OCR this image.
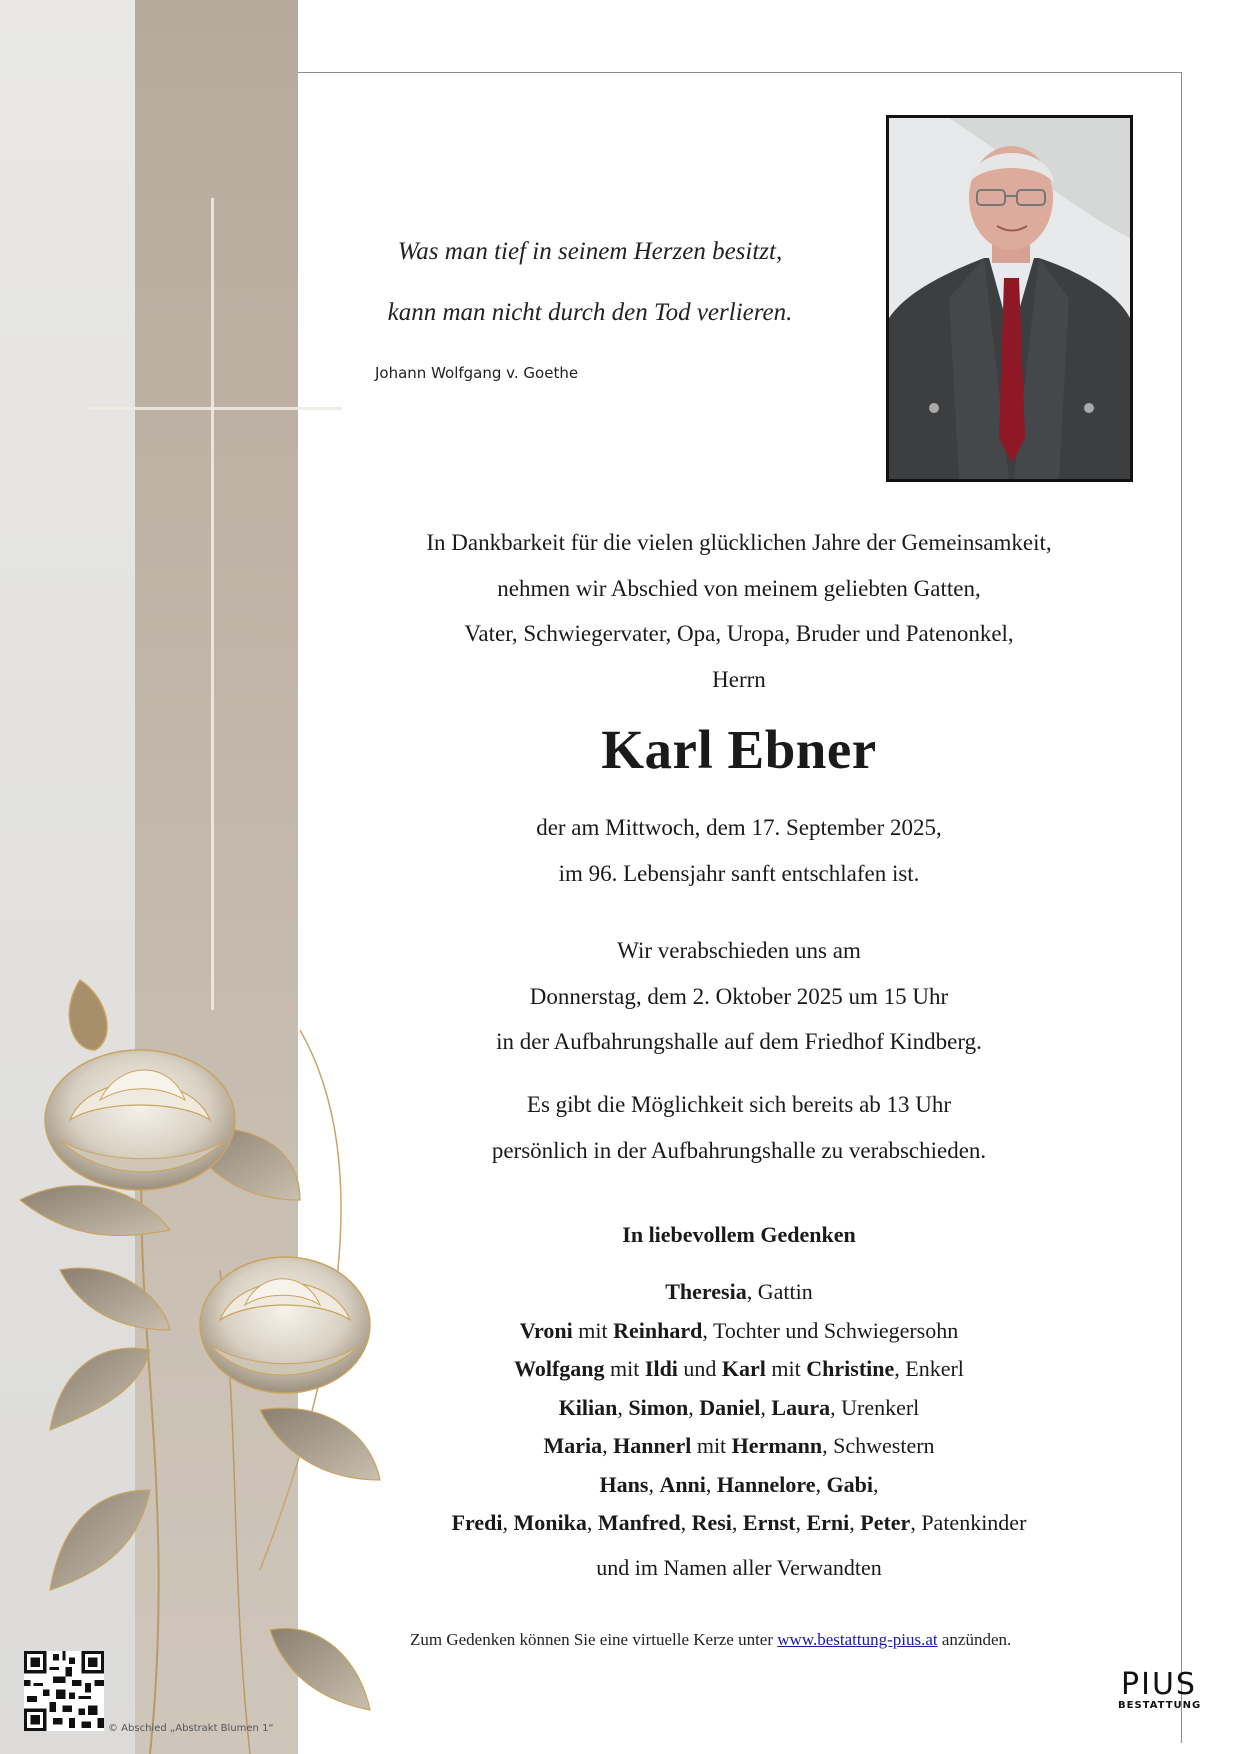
Was man tief in seinem Herzen besitzt,
kann man nicht durch den Tod verlieren.
Johann Wolfgang v. Goethe
In Dankbarkeit für die vielen glücklichen Jahre der Gemeinsamkeit,
nehmen wir Abschied von meinem geliebten Gatten,
Vater, Schwiegervater, Opa, Uropa, Bruder und Patenonkel,
Herrn
Karl Ebner
der am Mittwoch, dem 17. September 2025,
im 96. Lebensjahr sanft entschlafen ist.
Wir verabschieden uns am
Donnerstag, dem 2. Oktober 2025 um 15 Uhr
in der Aufbahrungshalle auf dem Friedhof Kindberg.
Es gibt die Möglichkeit sich bereits ab 13 Uhr
persönlich in der Aufbahrungshalle zu verabschieden.
In liebevollem Gedenken
Theresia, Gattin
Vroni mit Reinhard, Tochter und Schwiegersohn
Wolfgang mit Ildi und Karl mit Christine, Enkerl
Kilian, Simon, Daniel, Laura, Urenkerl
Maria, Hannerl mit Hermann, Schwestern
Hans, Anni, Hannelore, Gabi,
Fredi, Monika, Manfred, Resi, Ernst, Erni, Peter, Patenkinder
und im Namen aller Verwandten
Zum Gedenken können Sie eine virtuelle Kerze unter www.bestattung-pius.at anzünden.
© Abschied „Abstrakt Blumen 1“
PIUS
BESTATTUNG
